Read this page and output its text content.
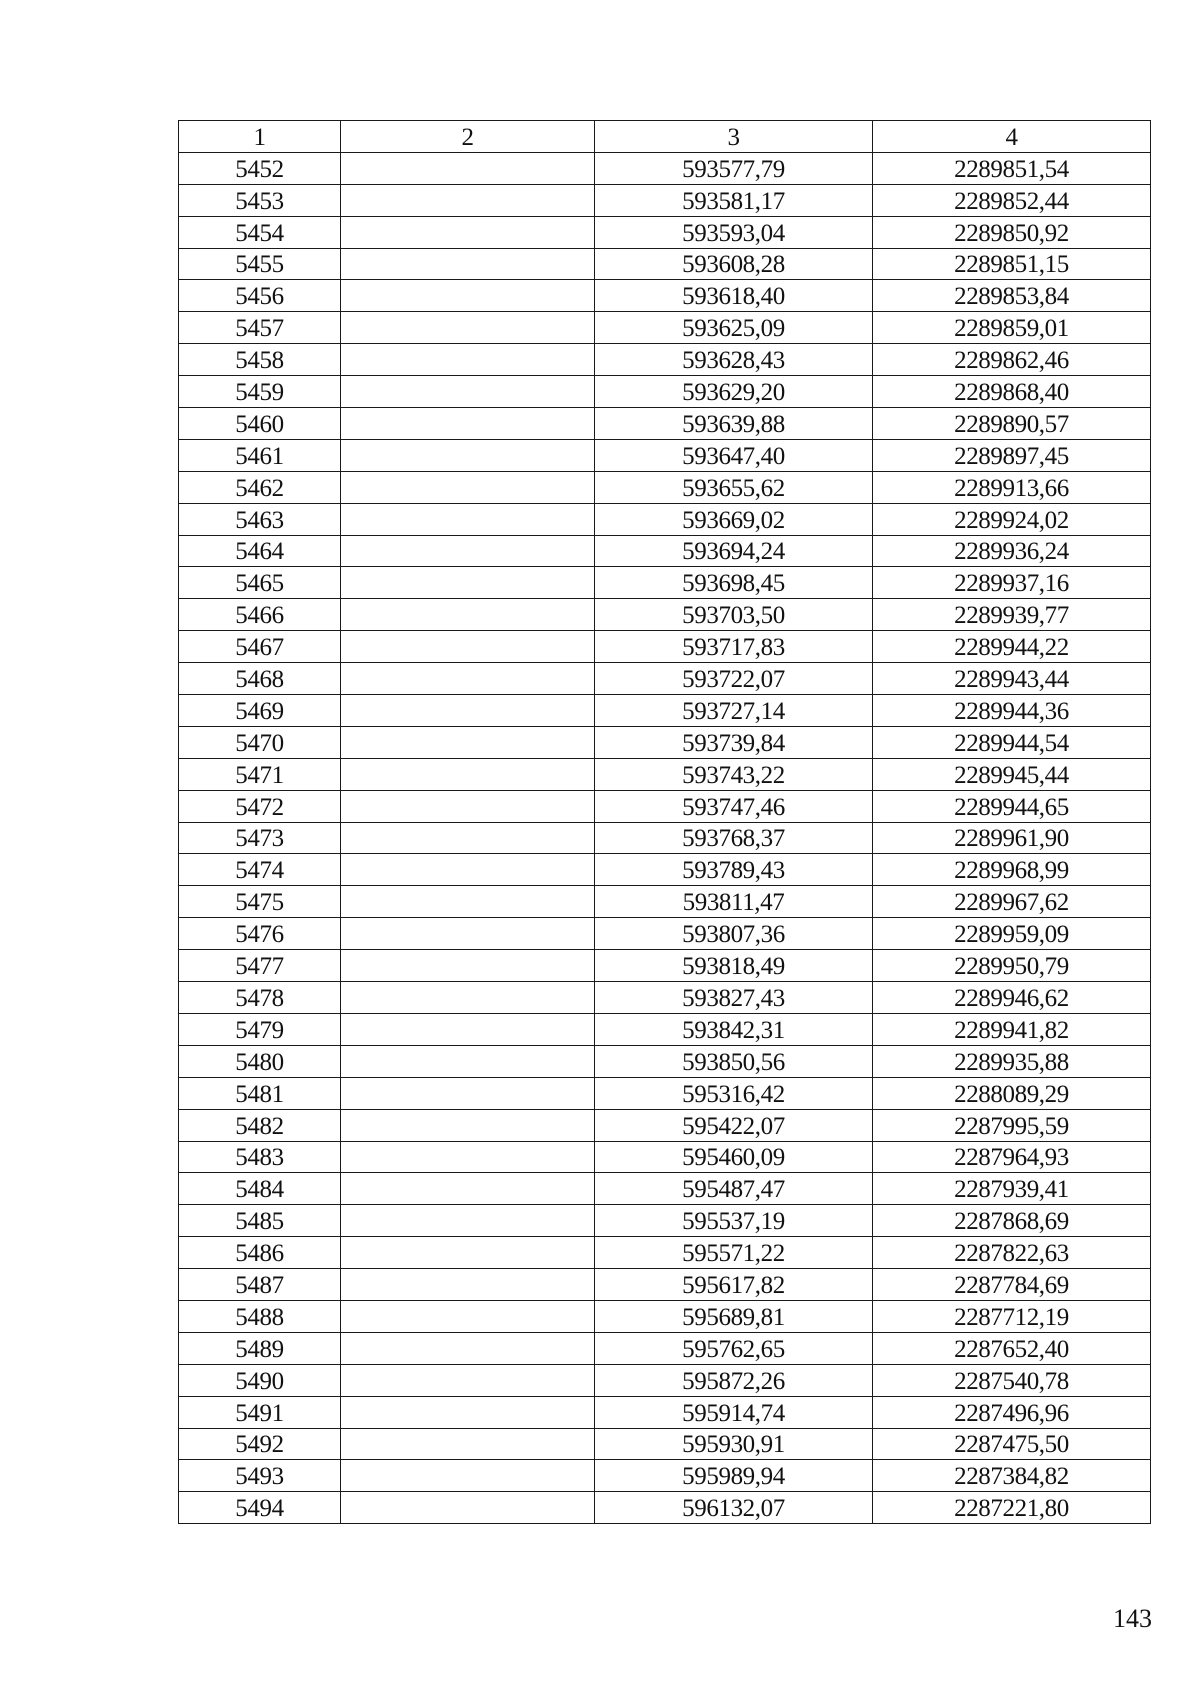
1	2	3	4
5452		593577,79	2289851,54
5453		593581,17	2289852,44
5454		593593,04	2289850,92
5455		593608,28	2289851,15
5456		593618,40	2289853,84
5457		593625,09	2289859,01
5458		593628,43	2289862,46
5459		593629,20	2289868,40
5460		593639,88	2289890,57
5461		593647,40	2289897,45
5462		593655,62	2289913,66
5463		593669,02	2289924,02
5464		593694,24	2289936,24
5465		593698,45	2289937,16
5466		593703,50	2289939,77
5467		593717,83	2289944,22
5468		593722,07	2289943,44
5469		593727,14	2289944,36
5470		593739,84	2289944,54
5471		593743,22	2289945,44
5472		593747,46	2289944,65
5473		593768,37	2289961,90
5474		593789,43	2289968,99
5475		593811,47	2289967,62
5476		593807,36	2289959,09
5477		593818,49	2289950,79
5478		593827,43	2289946,62
5479		593842,31	2289941,82
5480		593850,56	2289935,88
5481		595316,42	2288089,29
5482		595422,07	2287995,59
5483		595460,09	2287964,93
5484		595487,47	2287939,41
5485		595537,19	2287868,69
5486		595571,22	2287822,63
5487		595617,82	2287784,69
5488		595689,81	2287712,19
5489		595762,65	2287652,40
5490		595872,26	2287540,78
5491		595914,74	2287496,96
5492		595930,91	2287475,50
5493		595989,94	2287384,82
5494		596132,07	2287221,80
143
